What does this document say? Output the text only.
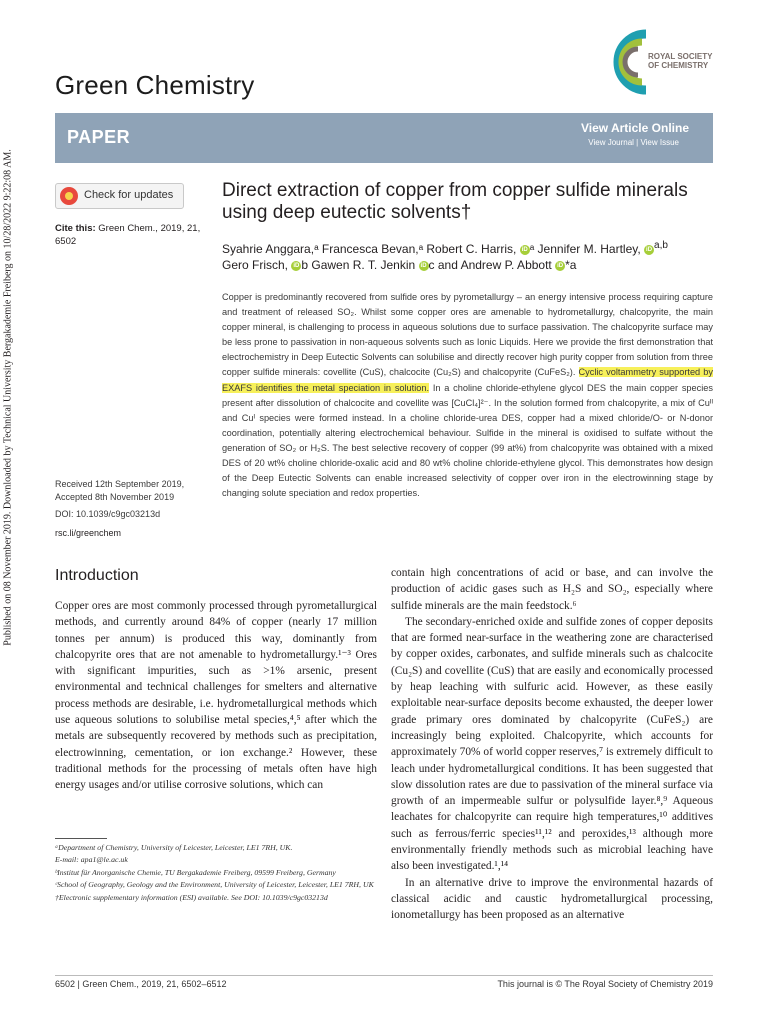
Published on 08 November 2019. Downloaded by Technical University Bergakademie Freiberg on 10/28/2022 9:22:08 AM.
Green Chemistry
ROYAL SOCIETY
OF CHEMISTRY
PAPER	View Article Online
View Journal | View Issue
Check for updates
Cite this: Green Chem., 2019, 21, 6502
Direct extraction of copper from copper sulfide minerals using deep eutectic solvents†
Syahrie Anggara,ᵃ Francesca Bevan,ᵃ Robert C. Harris, iD ᵃ Jennifer M. Hartley, iD $^{a,b}$
Gero Frisch, iD b Gawen R. T. Jenkin iD c and Andrew P. Abbott iD *a
Copper is predominantly recovered from sulfide ores by pyrometallurgy – an energy intensive process requiring capture and treatment of released SO₂. Whilst some copper ores are amenable to hydrometallurgy, chalcopyrite, the main copper mineral, is challenging to process in aqueous solutions due to surface passivation. The chalcopyrite surface may be less prone to passivation in non-aqueous solvents such as Ionic Liquids. Here we provide the first demonstration that electrochemistry in Deep Eutectic Solvents can solubilise and directly recover high purity copper from solution from three copper sulfide minerals: covellite (CuS), chalcocite (Cu₂S) and chalcopyrite (CuFeS₂). Cyclic voltammetry supported by EXAFS identifies the metal speciation in solution. In a choline chloride-ethylene glycol DES the main copper species present after dissolution of chalcocite and covellite was [CuCl₄]²⁻. In the solution formed from chalcopyrite, a mix of Cuᴵᴵ and Cuᴵ species were formed instead. In a choline chloride-urea DES, copper had a mixed chloride/O- or N-donor coordination, potentially altering electrochemical behaviour. Sulfide in the mineral is oxidised to sulfate without the generation of SO₂ or H₂S. The best selective recovery of copper (99 at%) from chalcopyrite was obtained with a mixed DES of 20 wt% choline chloride-oxalic acid and 80 wt% choline chloride-ethylene glycol. This demonstrates how design of the Deep Eutectic Solvents can enable increased selectivity of copper over iron in the electrowinning stage by changing solute speciation and redox properties.
Received 12th September 2019,
Accepted 8th November 2019
DOI: 10.1039/c9gc03213d
rsc.li/greenchem
Introduction

Copper ores are most commonly processed through pyrometallurgical methods, and currently around 84% of copper (nearly 17 million tonnes per annum) is produced this way, dominantly from chalcopyrite ores that are not amenable to hydrometallurgy.¹⁻³ Ores with significant impurities, such as >1% arsenic, present environmental and technical challenges for smelters and alternative process methods are desirable, i.e. hydrometallurgical methods which use aqueous solutions to solubilise metal species,⁴,⁵ after which the metals are subsequently recovered by methods such as precipitation, electrowinning, cementation, or ion exchange.² However, these traditional methods for the processing of metals often have high energy usages and/or utilise corrosive solutions, which can

contain high concentrations of acid or base, and can involve the production of acidic gases such as H₂S and SO₂, especially where sulfide minerals are the main feedstock.⁶

The secondary-enriched oxide and sulfide zones of copper deposits that are formed near-surface in the weathering zone are characterised by copper oxides, carbonates, and sulfide minerals such as chalcocite (Cu₂S) and covellite (CuS) that are easily and economically processed by heap leaching with sulfuric acid. However, as these easily exploitable near-surface deposits become exhausted, the deeper lower grade primary ores dominated by chalcopyrite (CuFeS₂) are increasingly being exploited. Chalcopyrite, which accounts for approximately 70% of world copper reserves,⁷ is extremely difficult to leach under hydrometallurgical conditions. It has been suggested that slow dissolution rates are due to passivation of the mineral surface via growth of an impermeable sulfur or polysulfide layer.⁸,⁹ Aqueous leachates for chalcopyrite can require high temperatures,¹⁰ additives such as ferrous/ferric species¹¹,¹² and peroxides,¹³ although more environmentally friendly methods such as microbial leaching have also been investigated.¹,¹⁴

In an alternative drive to improve the environmental hazards of classical acidic and caustic hydrometallurgical processing, ionometallurgy has been proposed as an alternative

ᵃDepartment of Chemistry, University of Leicester, Leicester, LE1 7RH, UK.

E-mail: apa1@le.ac.uk

ᵇInstitut für Anorganische Chemie, TU Bergakademie Freiberg, 09599 Freiberg, Germany

ᶜSchool of Geography, Geology and the Environment, University of Leicester, Leicester, LE1 7RH, UK

†Electronic supplementary information (ESI) available. See DOI: 10.1039/c9gc03213d

6502 | Green Chem., 2019, 21, 6502–6512	This journal is © The Royal Society of Chemistry 2019
